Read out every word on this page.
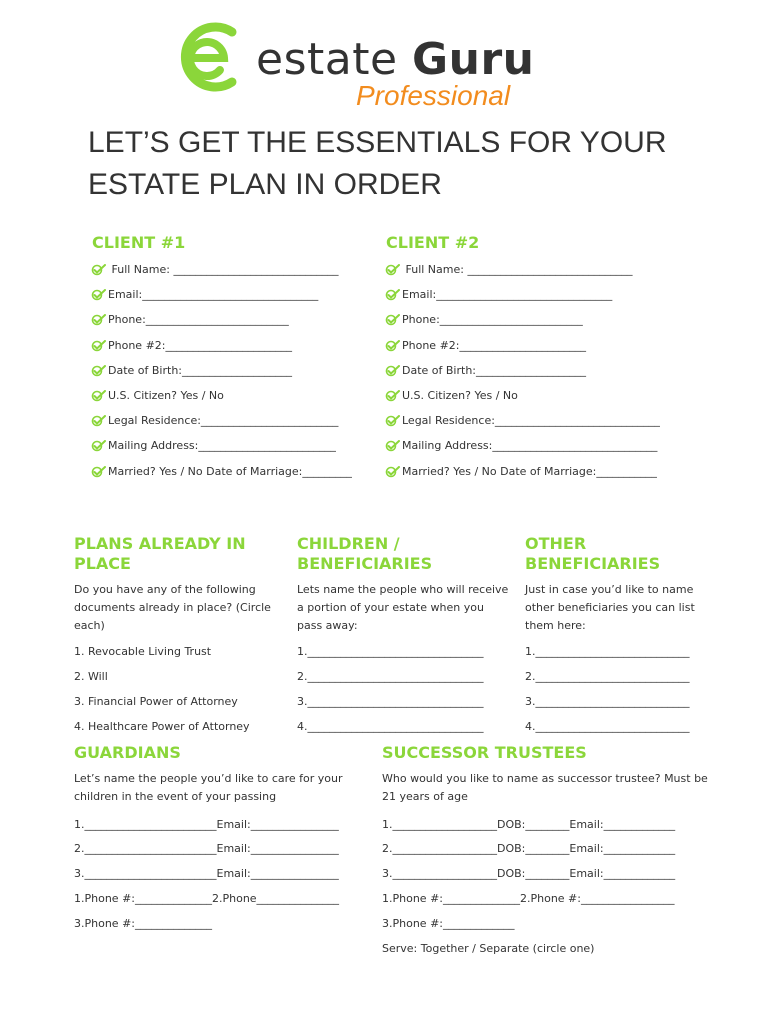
estate Guru
Professional
LET’S GET THE ESSENTIALS FOR YOUR
ESTATE PLAN IN ORDER
CLIENT #1	CLIENT #2
Full Name: ______________________________
Email:________________________________
Phone:__________________________
Phone #2:_______________________
Date of Birth:____________________
U.S. Citizen? Yes / No
Legal Residence:_________________________
Mailing Address:_________________________
Married? Yes / No Date of Marriage:_________
Full Name: ______________________________
Email:________________________________
Phone:__________________________
Phone #2:_______________________
Date of Birth:____________________
U.S. Citizen? Yes / No
Legal Residence:______________________________
Mailing Address:______________________________
Married? Yes / No Date of Marriage:___________
PLANS ALREADY IN
PLACE
Do you have any of the following
documents already in place? (Circle
each)
CHILDREN /
BENEFICIARIES
Lets name the people who will receive
a portion of your estate when you
pass away:
OTHER
BENEFICIARIES
Just in case you’d like to name
other beneficiaries you can list
them here:
1. Revocable Living Trust
2. Will
3. Financial Power of Attorney
4. Healthcare Power of Attorney
1.________________________________
2.________________________________
3.________________________________
4.________________________________
1.____________________________
2.____________________________
3.____________________________
4.____________________________
GUARDIANS
Let’s name the people you’d like to care for your
children in the event of your passing
SUCCESSOR TRUSTEES
Who would you like to name as successor trustee? Must be
21 years of age
1.________________________Email:________________
2.________________________Email:________________
3.________________________Email:________________
1.Phone #:______________2.Phone_______________
3.Phone #:______________
1.___________________DOB:________Email:_____________
2.___________________DOB:________Email:_____________
3.___________________DOB:________Email:_____________
1.Phone #:______________2.Phone #:_________________
3.Phone #:_____________
Serve: Together / Separate (circle one)
